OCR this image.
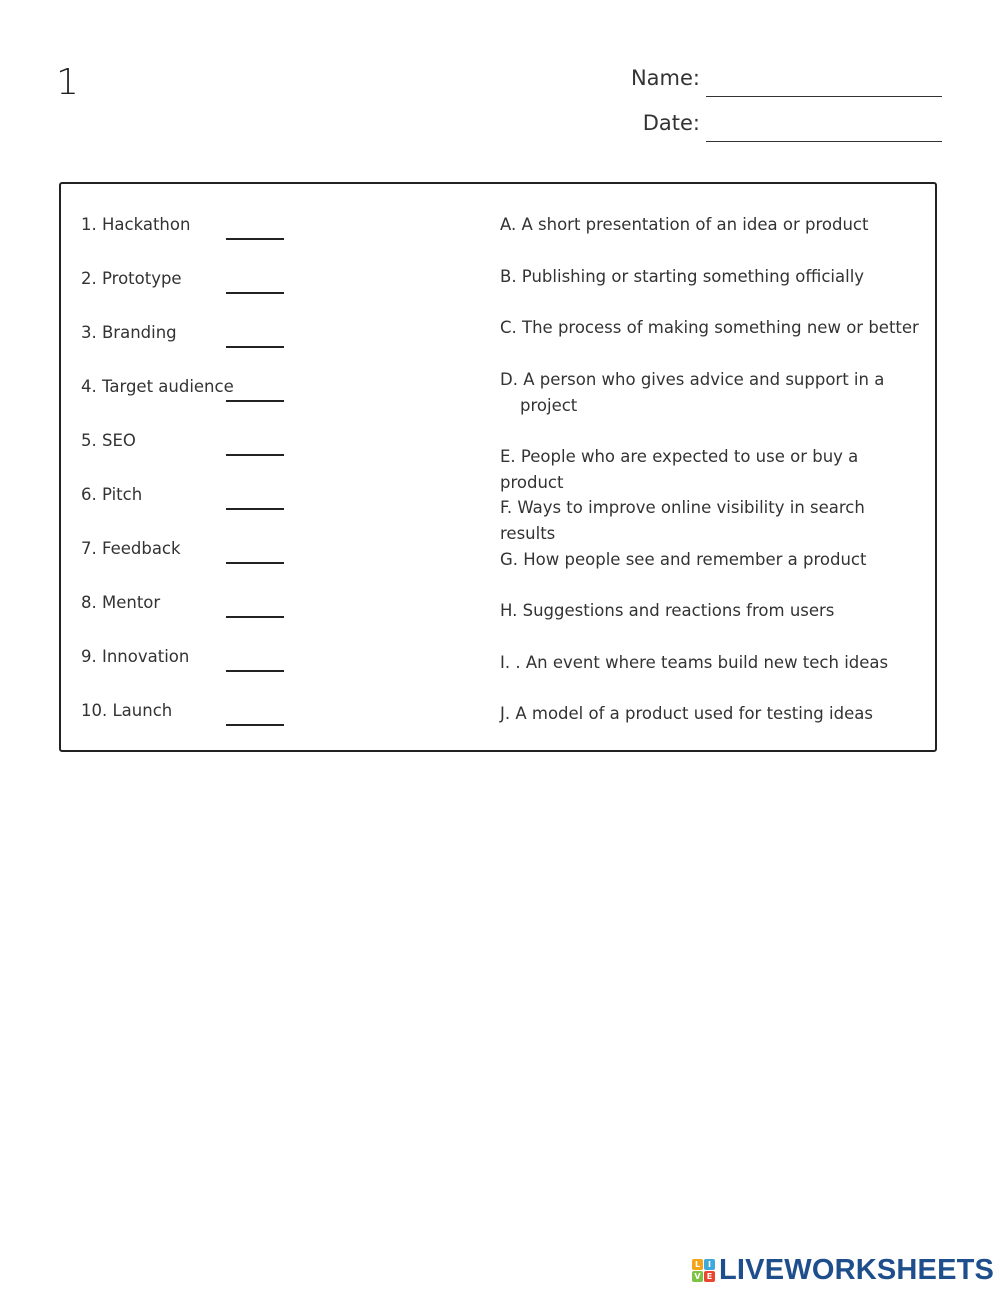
1	Name:
Date:
1. Hackathon
2. Prototype
3. Branding
4. Target audience
5. SEO
6. Pitch
7. Feedback
8. Mentor
9. Innovation
10. Launch
A. A short presentation of an idea or product
B. Publishing or starting something officially
C. The process of making something new or better
D. A person who gives advice and support in a
project
E. People who are expected to use or buy a product
F. Ways to improve online visibility in search results
G. How people see and remember a product
H. Suggestions and reactions from users
I. . An event where teams build new tech ideas
J. A model of a product used for testing ideas
L I
V E LIVEWORKSHEETS
